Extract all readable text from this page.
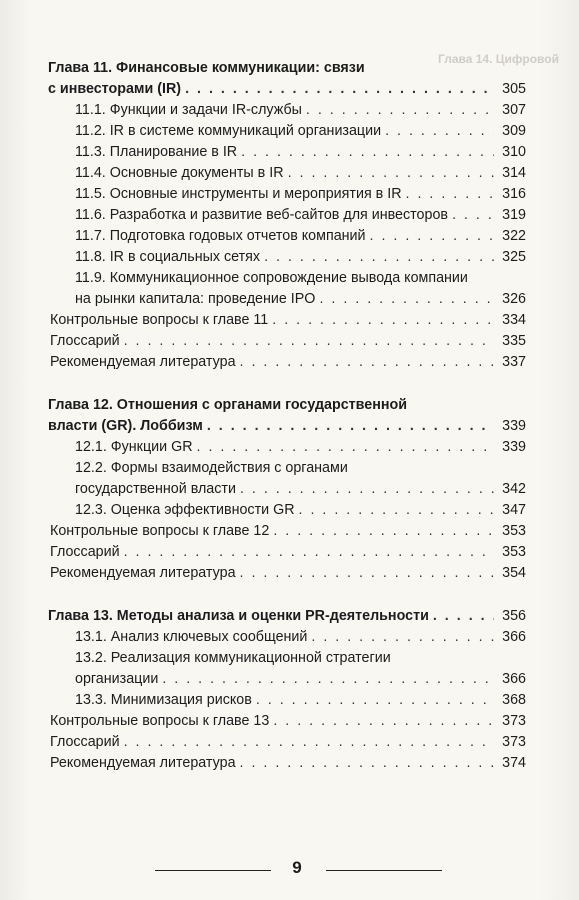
Глава 14. Цифровой
Глава 11. Финансовые коммуникации: связи
с инвесторами (IR) . . .	305
11.1. Функции и задачи IR-службы . . .	307
11.2. IR в системе коммуникаций организации . . .	309
11.3. Планирование в IR . . .	310
11.4. Основные документы в IR . . .	314
11.5. Основные инструменты и мероприятия в IR . . .	316
11.6. Разработка и развитие веб-сайтов для инвесторов . . .	319
11.7. Подготовка годовых отчетов компаний . . .	322
11.8. IR в социальных сетях . . .	325
11.9. Коммуникационное сопровождение вывода компании
на рынки капитала: проведение IPO . . .	326
Контрольные вопросы к главе 11 . . .	334
Глоссарий . . .	335
Рекомендуемая литература . . .	337
Глава 12. Отношения с органами государственной
власти (GR). Лоббизм . . .	339
12.1. Функции GR . . .	339
12.2. Формы взаимодействия с органами
государственной власти . . .	342
12.3. Оценка эффективности GR . . .	347
Контрольные вопросы к главе 12 . . .	353
Глоссарий . . .	353
Рекомендуемая литература . . .	354
Глава 13. Методы анализа и оценки PR-деятельности . . .	356
13.1. Анализ ключевых сообщений . . .	366
13.2. Реализация коммуникационной стратегии
организации . . .	366
13.3. Минимизация рисков . . .	368
Контрольные вопросы к главе 13 . . .	373
Глоссарий . . .	373
Рекомендуемая литература . . .	374
9
